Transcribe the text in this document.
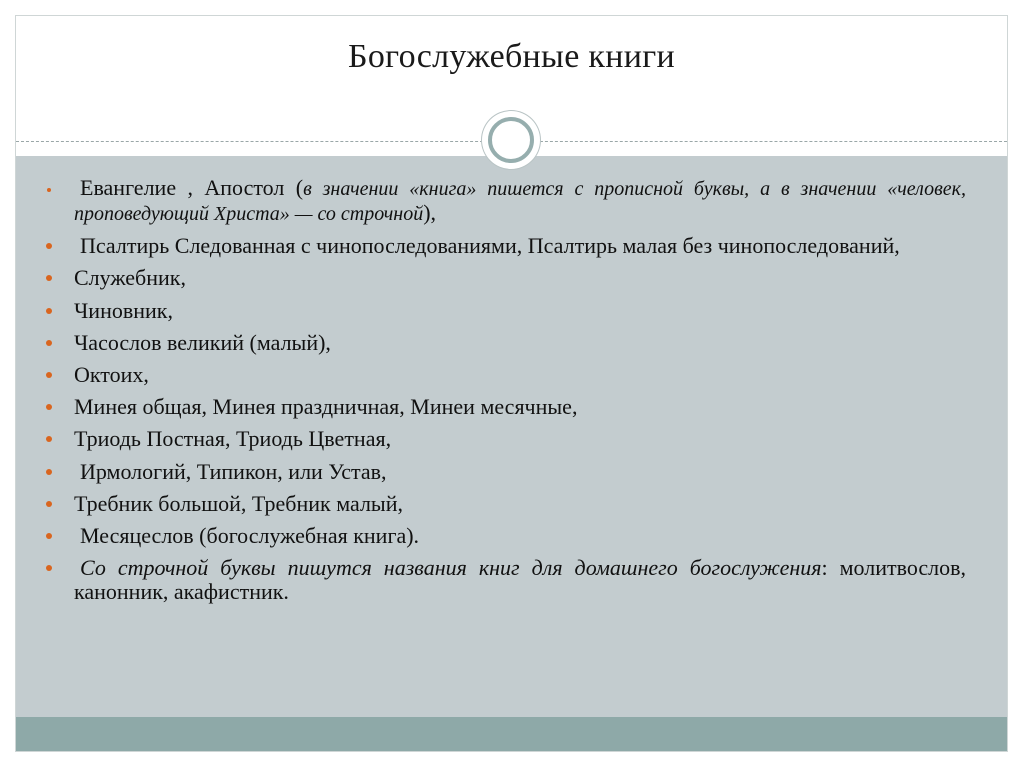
Богослужебные книги
Евангелие , Апостол (в значении «книга» пишется с прописной буквы, а в значении «человек, проповедующий Христа» — со строчной),
Псалтирь Следованная с чинопоследованиями, Псалтирь малая без чинопоследований,
Служебник,
Чиновник,
Часослов великий (малый),
Октоих,
Минея общая, Минея праздничная, Минеи месячные,
Триодь Постная, Триодь Цветная,
Ирмологий, Типикон, или Устав,
Требник большой, Требник малый,
Месяцеслов (богослужебная книга).
Со строчной буквы пишутся названия книг для домашнего богослужения: молитвослов, канонник, акафистник.
